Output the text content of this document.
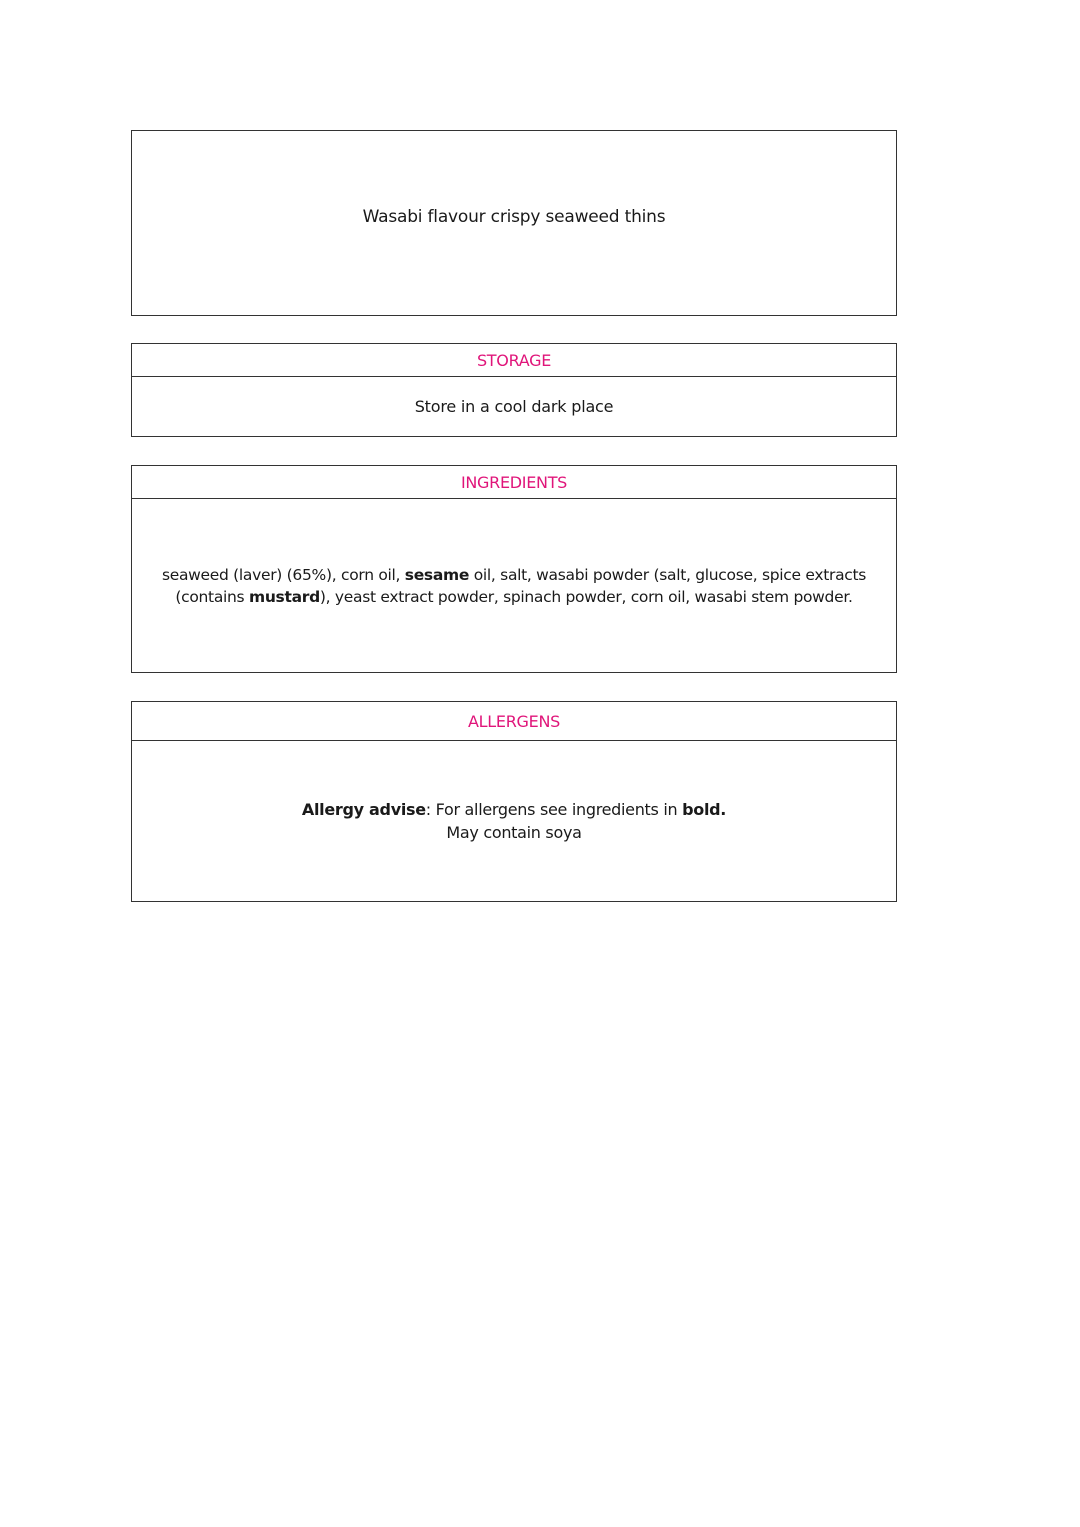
Wasabi flavour crispy seaweed thins
STORAGE
Store in a cool dark place
INGREDIENTS
seaweed (laver) (65%), corn oil, sesame oil, salt, wasabi powder (salt, glucose, spice extracts
(contains mustard), yeast extract powder, spinach powder, corn oil, wasabi stem powder.
ALLERGENS
Allergy advise: For allergens see ingredients in bold.
May contain soya
